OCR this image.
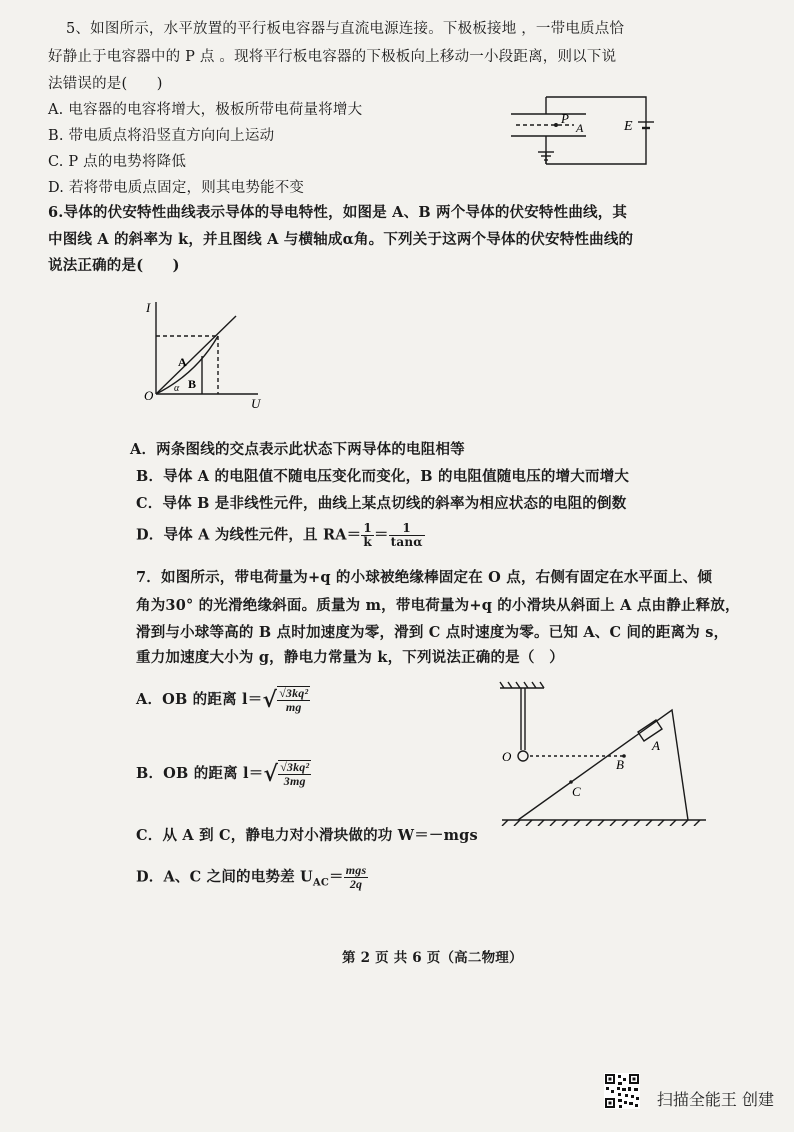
5、如图所示，水平放置的平行板电容器与直流电源连接。下极板接地 ，一带电质点恰
好静止于电容器中的 P 点 。现将平行板电容器的下极板向上移动一小段距离，则以下说
法错误的是(　　)
A. 电容器的电容将增大，极板所带电荷量将增大
B. 带电质点将沿竖直方向向上运动
C. P 点的电势将降低
D. 若将带电质点固定，则其电势能不变
P
A	E
6.导体的伏安特性曲线表示导体的导电特性，如图是 A、B 两个导体的伏安特性曲线，其
中图线 A 的斜率为 k，并且图线 A 与横轴成α角。下列关于这两个导体的伏安特性曲线的
说法正确的是(　　)
I
U
O
A
B
α
A．两条图线的交点表示此状态下两导体的电阻相等
B．导体 A 的电阻值不随电压变化而变化，B 的电阻值随电压的增大而增大
C．导体 B 是非线性元件，曲线上某点切线的斜率为相应状态的电阻的倒数
D．导体 A 为线性元件，且 $RA= \frac{1}{k} = \frac{1}{\tan\alpha}$
7．如图所示，带电荷量为+q 的小球被绝缘棒固定在 O 点，右侧有固定在水平面上、倾
角为30° 的光滑绝缘斜面。质量为 m，带电荷量为+q 的小滑块从斜面上 A 点由静止释放，
滑到与小球等高的 B 点时加速度为零，滑到 C 点时速度为零。已知 A、C 间的距离为 s，
重力加速度大小为 g，静电力常量为 k，下列说法正确的是（　）
A．OB 的距离 $l=√ \frac{\text{√3kq²}}{mg}$
B．OB 的距离 $l=√ \frac{\text{√3kq²}}{3mg}$
C．从 A 到 C，静电力对小滑块做的功 W＝－mgs
D．A、C 之间的电势差 $U_{AC}= \frac{\text{mgs}}{2q}$
O
A
B
C
第 2 页 共 6 页（高二物理）
扫描全能王 创建
